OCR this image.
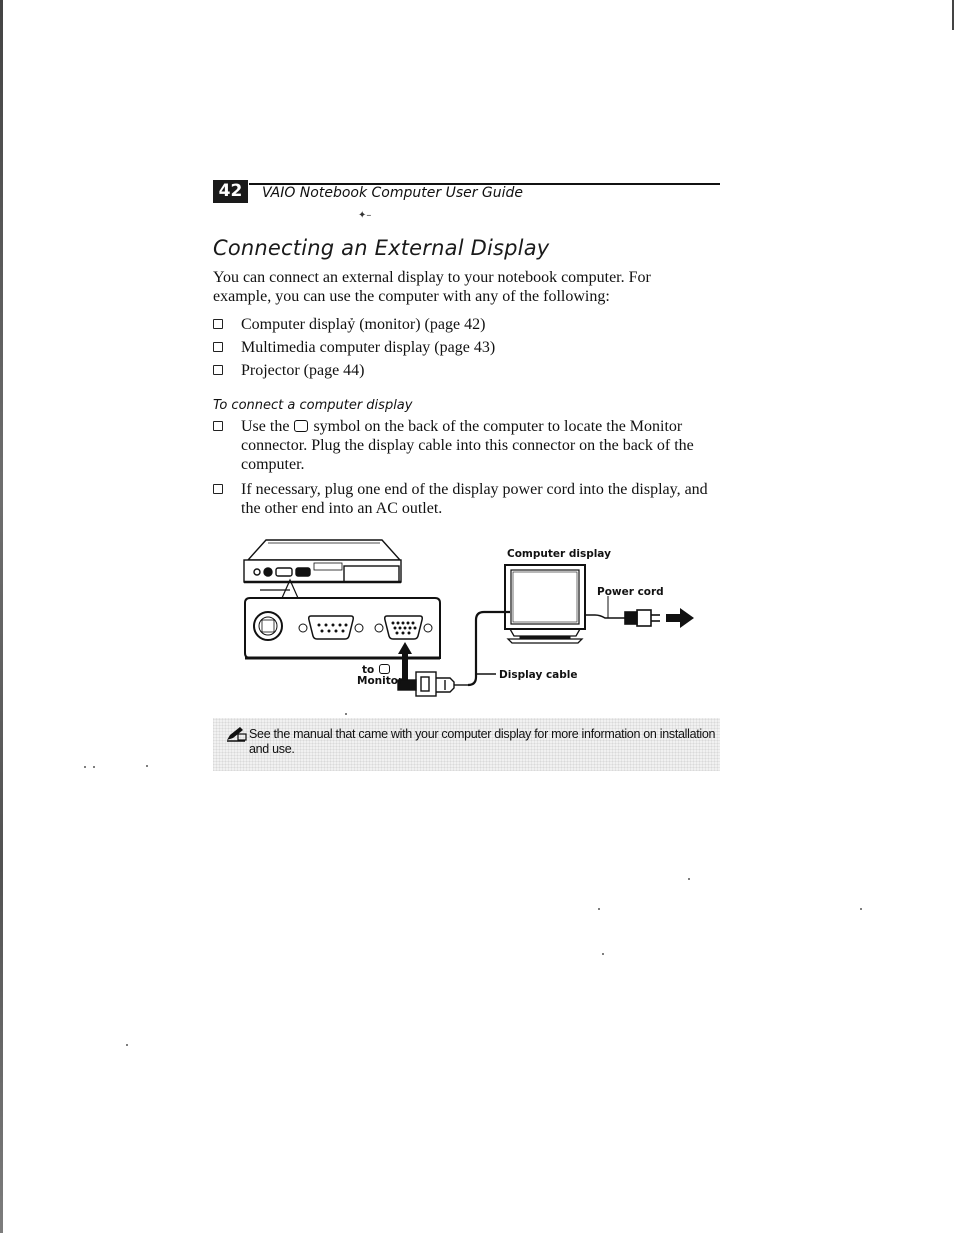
42	VAIO Notebook Computer User Guide
✦–
Connecting an External Display

You can connect an external display to your notebook computer. For example, you can use the computer with any of the following:

Computer displaỷ (monitor) (page 42)
Multimedia computer display (page 43)
Projector (page 44)

To connect a computer display

Use the symbol on the back of the computer to locate the Monitor connector. Plug the display cable into this connector on the back of the computer.
If necessary, plug one end of the display power cord into the display, and the other end into an AC outlet.
Computer display
Power cord
Display cable
to
Monitor

See the manual that came with your computer display for more information on installation and use.
